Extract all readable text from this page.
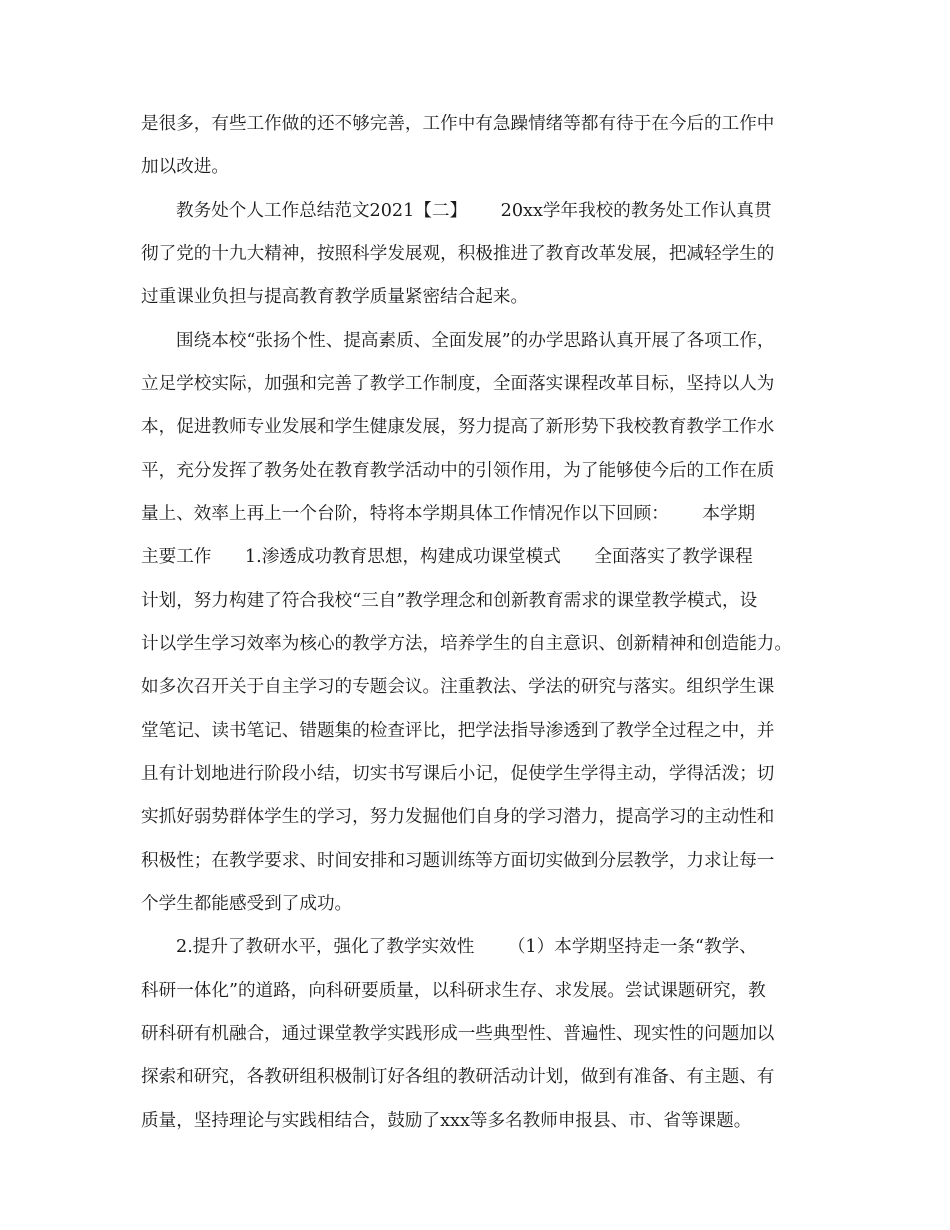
是很多，有些工作做的还不够完善，工作中有急躁情绪等都有待于在今后的工作中
加以改进。
教务处个人工作总结范文2021【二】      20xx学年我校的教务处工作认真贯
彻了党的十九大精神，按照科学发展观，积极推进了教育改革发展，把减轻学生的
过重课业负担与提高教育教学质量紧密结合起来。
围绕本校“张扬个性、提高素质、全面发展”的办学思路认真开展了各项工作，
立足学校实际，加强和完善了教学工作制度，全面落实课程改革目标，坚持以人为
本，促进教师专业发展和学生健康发展，努力提高了新形势下我校教育教学工作水
平，充分发挥了教务处在教育教学活动中的引领作用，为了能够使今后的工作在质
量上、效率上再上一个台阶，特将本学期具体工作情况作以下回顾：      本学期
主要工作      1.渗透成功教育思想，构建成功课堂模式      全面落实了教学课程
计划，努力构建了符合我校“三自”教学理念和创新教育需求的课堂教学模式，设
计以学生学习效率为核心的教学方法，培养学生的自主意识、创新精神和创造能力。
如多次召开关于自主学习的专题会议。注重教法、学法的研究与落实。组织学生课
堂笔记、读书笔记、错题集的检查评比，把学法指导渗透到了教学全过程之中，并
且有计划地进行阶段小结，切实书写课后小记，促使学生学得主动，学得活泼；切
实抓好弱势群体学生的学习，努力发掘他们自身的学习潜力，提高学习的主动性和
积极性；在教学要求、时间安排和习题训练等方面切实做到分层教学，力求让每一
个学生都能感受到了成功。
2.提升了教研水平，强化了教学实效性      （1）本学期坚持走一条“教学、
科研一体化”的道路，向科研要质量，以科研求生存、求发展。尝试课题研究，教
研科研有机融合，通过课堂教学实践形成一些典型性、普遍性、现实性的问题加以
探索和研究，各教研组积极制订好各组的教研活动计划，做到有准备、有主题、有
质量，坚持理论与实践相结合，鼓励了xxx等多名教师申报县、市、省等课题。
